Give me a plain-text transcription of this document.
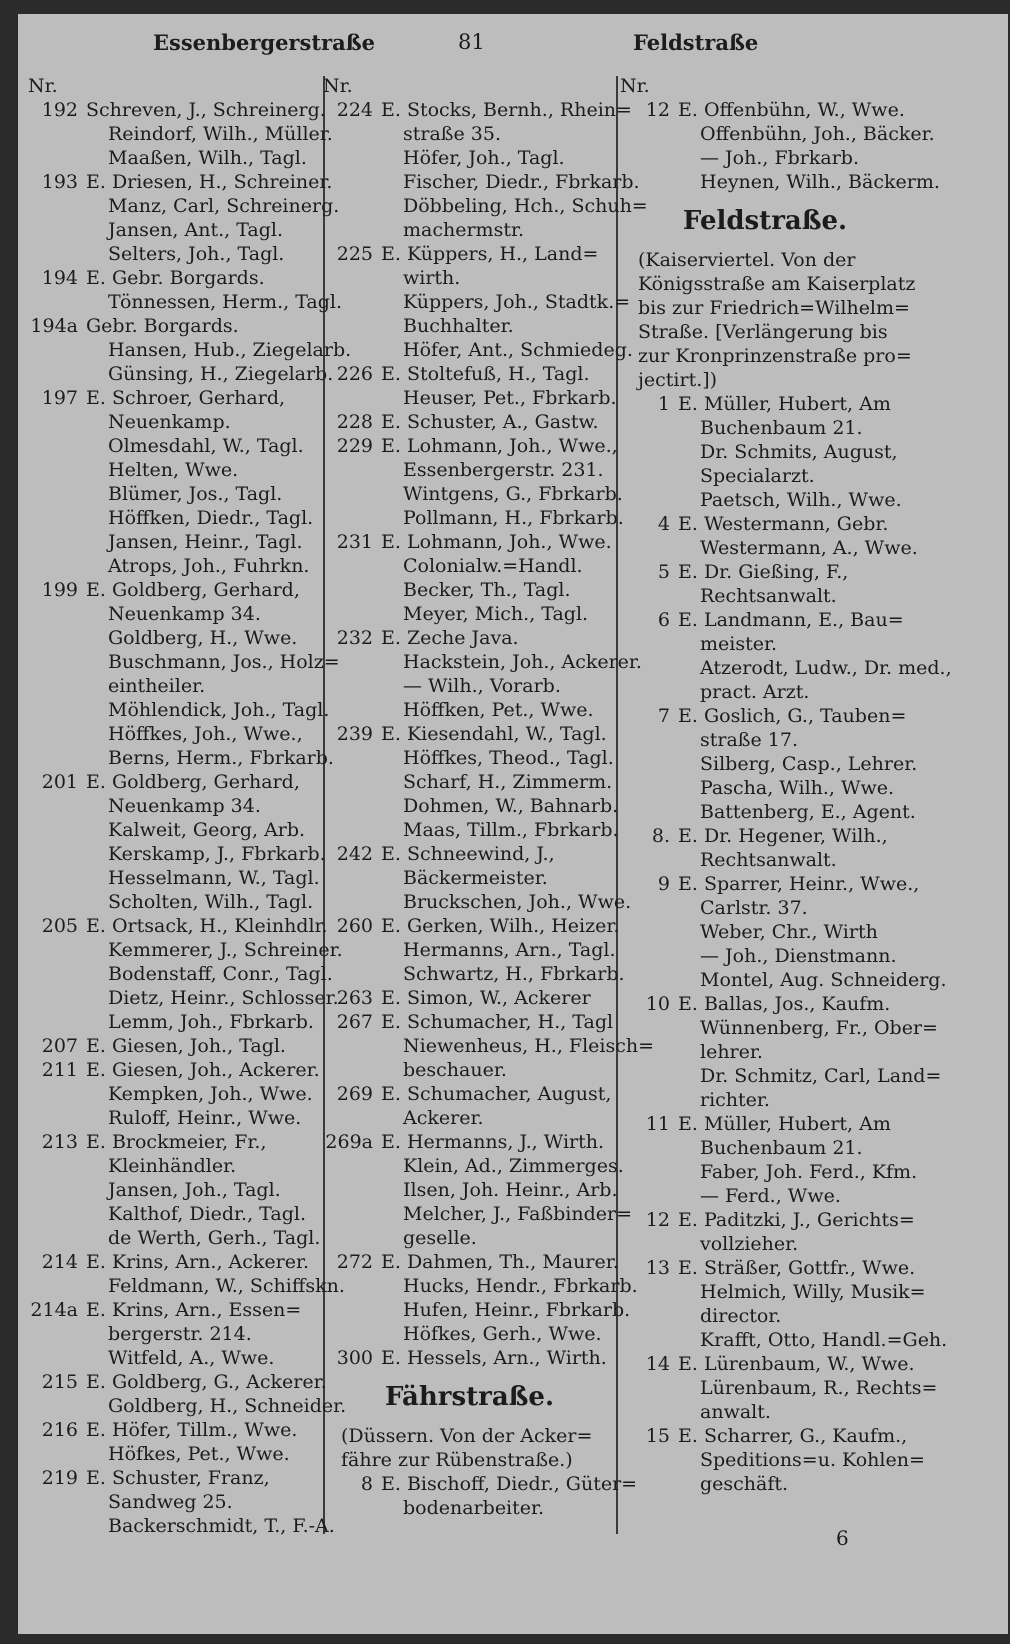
Essenbergerstraße	81	Feldstraße
Nr.
192 Schreven, J., Schreinerg.
Reindorf, Wilh., Müller.
Maaßen, Wilh., Tagl.
193 E. Driesen, H., Schreiner.
Manz, Carl, Schreinerg.
Jansen, Ant., Tagl.
Selters, Joh., Tagl.
194 E. Gebr. Borgards.
Tönnessen, Herm., Tagl.
194a Gebr. Borgards.
Hansen, Hub., Ziegelarb.
Günsing, H., Ziegelarb.
197 E. Schroer, Gerhard,
Neuenkamp.
Olmesdahl, W., Tagl.
Helten, Wwe.
Blümer, Jos., Tagl.
Höffken, Diedr., Tagl.
Jansen, Heinr., Tagl.
Atrops, Joh., Fuhrkn.
199 E. Goldberg, Gerhard,
Neuenkamp 34.
Goldberg, H., Wwe.
Buschmann, Jos., Holz=
eintheiler.
Möhlendick, Joh., Tagl.
Höffkes, Joh., Wwe.,
Berns, Herm., Fbrkarb.
201 E. Goldberg, Gerhard,
Neuenkamp 34.
Kalweit, Georg, Arb.
Kerskamp, J., Fbrkarb.
Hesselmann, W., Tagl.
Scholten, Wilh., Tagl.
205 E. Ortsack, H., Kleinhdlr.
Kemmerer, J., Schreiner.
Bodenstaff, Conr., Tagl.
Dietz, Heinr., Schlosser.
Lemm, Joh., Fbrkarb.
207 E. Giesen, Joh., Tagl.
211 E. Giesen, Joh., Ackerer.
Kempken, Joh., Wwe.
Ruloff, Heinr., Wwe.
213 E. Brockmeier, Fr.,
Kleinhändler.
Jansen, Joh., Tagl.
Kalthof, Diedr., Tagl.
de Werth, Gerh., Tagl.
214 E. Krins, Arn., Ackerer.
Feldmann, W., Schiffskn.
214a E. Krins, Arn., Essen=
bergerstr. 214.
Witfeld, A., Wwe.
215 E. Goldberg, G., Ackerer.
Goldberg, H., Schneider.
216 E. Höfer, Tillm., Wwe.
Höfkes, Pet., Wwe.
219 E. Schuster, Franz,
Sandweg 25.
Backerschmidt, T., F.-A.
Nr.
224 E. Stocks, Bernh., Rhein=
straße 35.
Höfer, Joh., Tagl.
Fischer, Diedr., Fbrkarb.
Döbbeling, Hch., Schuh=
machermstr.
225 E. Küppers, H., Land=
wirth.
Küppers, Joh., Stadtk.=
Buchhalter.
Höfer, Ant., Schmiedeg.
226 E. Stoltefuß, H., Tagl.
Heuser, Pet., Fbrkarb.
228 E. Schuster, A., Gastw.
229 E. Lohmann, Joh., Wwe.,
Essenbergerstr. 231.
Wintgens, G., Fbrkarb.
Pollmann, H., Fbrkarb.
231 E. Lohmann, Joh., Wwe.
Colonialw.=Handl.
Becker, Th., Tagl.
Meyer, Mich., Tagl.
232 E. Zeche Java.
Hackstein, Joh., Ackerer.
— Wilh., Vorarb.
Höffken, Pet., Wwe.
239 E. Kiesendahl, W., Tagl.
Höffkes, Theod., Tagl.
Scharf, H., Zimmerm.
Dohmen, W., Bahnarb.
Maas, Tillm., Fbrkarb.
242 E. Schneewind, J.,
Bäckermeister.
Bruckschen, Joh., Wwe.
260 E. Gerken, Wilh., Heizer.
Hermanns, Arn., Tagl.
Schwartz, H., Fbrkarb.
263 E. Simon, W., Ackerer
267 E. Schumacher, H., Tagl
Niewenheus, H., Fleisch=
beschauer.
269 E. Schumacher, August,
Ackerer.
269a E. Hermanns, J., Wirth.
Klein, Ad., Zimmerges.
Ilsen, Joh. Heinr., Arb.
Melcher, J., Faßbinder=
geselle.
272 E. Dahmen, Th., Maurer.
Hucks, Hendr., Fbrkarb.
Hufen, Heinr., Fbrkarb.
Höfkes, Gerh., Wwe.
300 E. Hessels, Arn., Wirth.
Fährstraße.
(Düssern. Von der Acker=
fähre zur Rübenstraße.)
8 E. Bischoff, Diedr., Güter=
bodenarbeiter.
Nr.
12 E. Offenbühn, W., Wwe.
Offenbühn, Joh., Bäcker.
— Joh., Fbrkarb.
Heynen, Wilh., Bäckerm.
Feldstraße.
(Kaiserviertel. Von der
Königsstraße am Kaiserplatz
bis zur Friedrich=Wilhelm=
Straße. [Verlängerung bis
zur Kronprinzenstraße pro=
jectirt.])
1 E. Müller, Hubert, Am
Buchenbaum 21.
Dr. Schmits, August,
Specialarzt.
Paetsch, Wilh., Wwe.
4 E. Westermann, Gebr.
Westermann, A., Wwe.
5 E. Dr. Gießing, F.,
Rechtsanwalt.
6 E. Landmann, E., Bau=
meister.
Atzerodt, Ludw., Dr. med.,
pract. Arzt.
7 E. Goslich, G., Tauben=
straße 17.
Silberg, Casp., Lehrer.
Pascha, Wilh., Wwe.
Battenberg, E., Agent.
8. E. Dr. Hegener, Wilh.,
Rechtsanwalt.
9 E. Sparrer, Heinr., Wwe.,
Carlstr. 37.
Weber, Chr., Wirth
— Joh., Dienstmann.
Montel, Aug. Schneiderg.
10 E. Ballas, Jos., Kaufm.
Wünnenberg, Fr., Ober=
lehrer.
Dr. Schmitz, Carl, Land=
richter.
11 E. Müller, Hubert, Am
Buchenbaum 21.
Faber, Joh. Ferd., Kfm.
— Ferd., Wwe.
12 E. Paditzki, J., Gerichts=
vollzieher.
13 E. Sträßer, Gottfr., Wwe.
Helmich, Willy, Musik=
director.
Krafft, Otto, Handl.=Geh.
14 E. Lürenbaum, W., Wwe.
Lürenbaum, R., Rechts=
anwalt.
15 E. Scharrer, G., Kaufm.,
Speditions=u. Kohlen=
geschäft.
6
